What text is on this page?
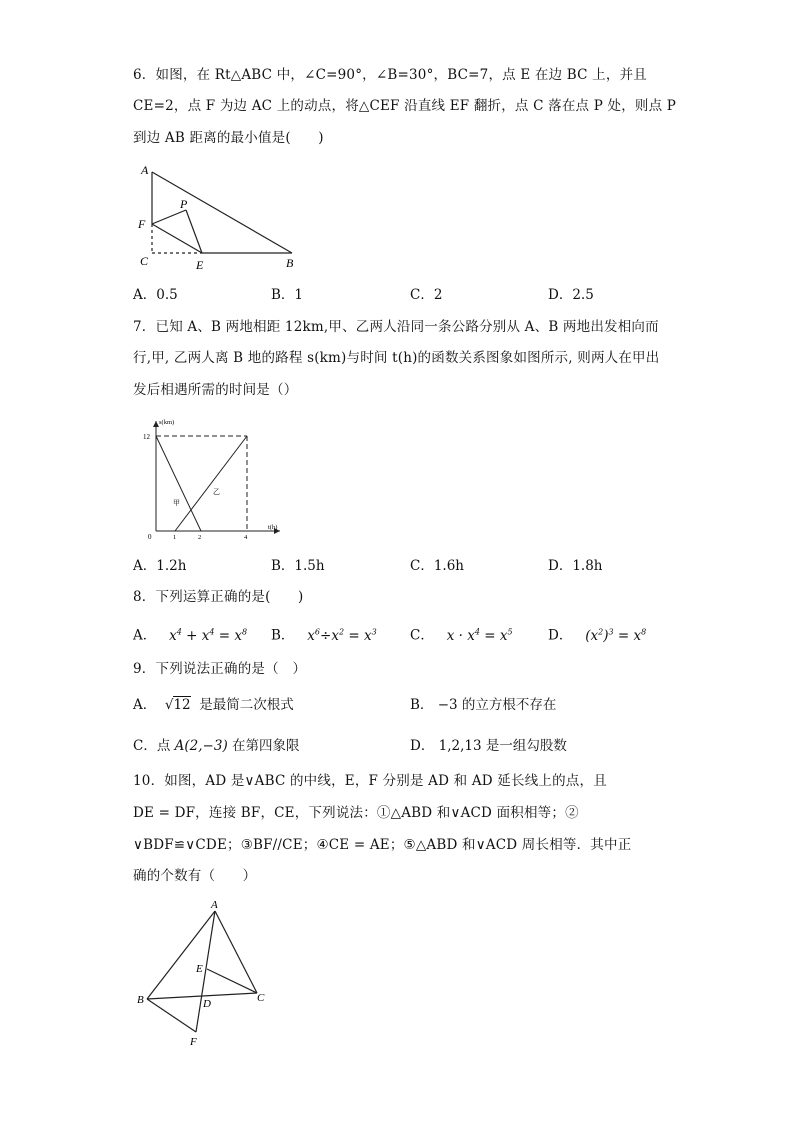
6．如图，在 Rt△ABC 中，∠C=90°，∠B=30°，BC=7，点 E 在边 BC 上，并且
CE=2，点 F 为边 AC 上的动点，将△CEF 沿直线 EF 翻折，点 C 落在点 P 处，则点 P
到边 AB 距离的最小值是(　　)
A
F
P
C	E	B
A．0.5	B．1	C．2	D．2.5
7．已知 A、B 两地相距 12km,甲、乙两人沿同一条公路分别从 A、B 两地出发相向而
行,甲, 乙两人离 B 地的路程 s(km)与时间 t(h)的函数关系图象如图所示, 则两人在甲出
发后相遇所需的时间是（）
s(km)
t(h)
12
0	1	2	4
甲
乙
A．1.2h	B．1.5h	C．1.6h	D．1.8h
8．下列运算正确的是(　　)
A．   $x^4 + x^4 = x^8$ B．   $x^6\div x^2 = x^3$ C．   $x \cdot x^4 = x^5$	D．   $(x^2)^3 = x^8$
9．下列说法正确的是（　）
A．  √12 是最简二次根式	B． −3 的立方根不存在
C．点 A(2,−3) 在第四象限	D． 1,2,13 是一组勾股数
10．如图，AD 是∨ABC 的中线，E，F 分别是 AD 和 AD 延长线上的点，且
DE = DF，连接 BF，CE，下列说法：①△ABD 和∨ACD 面积相等；②
∨BDF≌∨CDE；③BF//CE；④CE = AE；⑤△ABD 和∨ACD 周长相等．其中正
确的个数有（　　）
A
E
B	D	C
F
